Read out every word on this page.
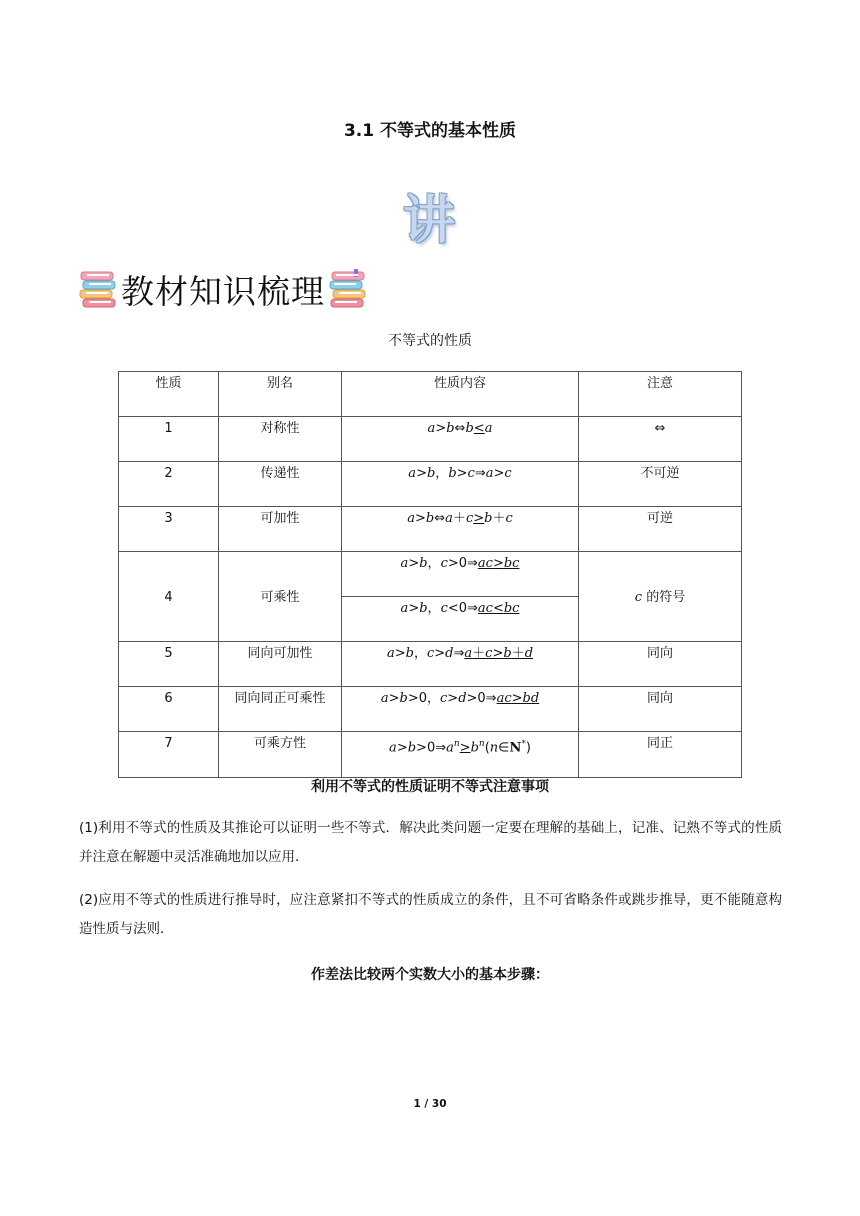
3.1 不等式的基本性质
讲
教材知识梳理
不等式的性质
性质	别名	性质内容	注意
1	对称性	a>b⇔b<a	⇔
2	传递性	a>b，b>c⇒a>c	不可逆
3	可加性	a>b⇔a＋c>b＋c	可逆
4	可乘性	a>b，c>0⇒ac>bc	c 的符号
		a>b，c<0⇒ac<bc	
5	同向可加性	a>b，c>d⇒a＋c>b＋d	同向
6	同向同正可乘性	a>b>0，c>d>0⇒ac>bd	同向
7	可乘方性	$a>b>0\Rightarrow a^n>b^n(n\in N^*)$	同正
利用不等式的性质证明不等式注意事项
(1)利用不等式的性质及其推论可以证明一些不等式．解决此类问题一定要在理解的基础上，记准、记熟不等式的性质并注意在解题中灵活准确地加以应用．
(2)应用不等式的性质进行推导时，应注意紧扣不等式的性质成立的条件，且不可省略条件或跳步推导，更不能随意构造性质与法则．
作差法比较两个实数大小的基本步骤：
1 / 30
